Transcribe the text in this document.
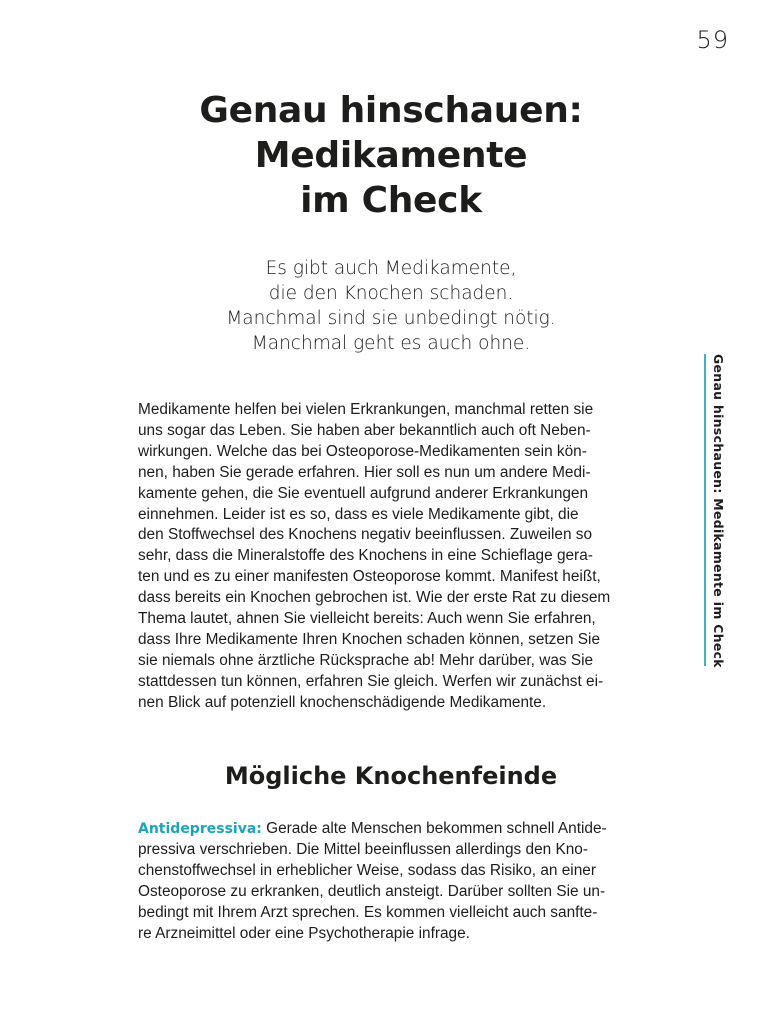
59
Genau hinschauen:
Medikamente
im Check
Es gibt auch Medikamente,
die den Knochen schaden.
Manchmal sind sie unbedingt nötig.
Manchmal geht es auch ohne.
Medikamente helfen bei vielen Erkrankungen, manchmal retten sie
uns sogar das Leben. Sie haben aber bekanntlich auch oft Neben-
wirkungen. Welche das bei Osteoporose-Medikamenten sein kön-
nen, haben Sie gerade erfahren. Hier soll es nun um andere Medi-
kamente gehen, die Sie eventuell aufgrund anderer Erkrankungen
einnehmen. Leider ist es so, dass es viele Medikamente gibt, die
den Stoffwechsel des Knochens negativ beeinflussen. Zuweilen so
sehr, dass die Mineralstoffe des Knochens in eine Schieflage gera-
ten und es zu einer manifesten Osteoporose kommt. Manifest heißt,
dass bereits ein Knochen gebrochen ist. Wie der erste Rat zu diesem
Thema lautet, ahnen Sie vielleicht bereits: Auch wenn Sie erfahren,
dass Ihre Medikamente Ihren Knochen schaden können, setzen Sie
sie niemals ohne ärztliche Rücksprache ab! Mehr darüber, was Sie
stattdessen tun können, erfahren Sie gleich. Werfen wir zunächst ei-
nen Blick auf potenziell knochenschädigende Medikamente.
Mögliche Knochenfeinde
Antidepressiva: Gerade alte Menschen bekommen schnell Antide-
pressiva verschrieben. Die Mittel beeinflussen allerdings den Kno-
chenstoffwechsel in erheblicher Weise, sodass das Risiko, an einer
Osteoporose zu erkranken, deutlich ansteigt. Darüber sollten Sie un-
bedingt mit Ihrem Arzt sprechen. Es kommen vielleicht auch sanfte-
re Arzneimittel oder eine Psychotherapie infrage.
Genau hinschauen: Medikamente im Check
